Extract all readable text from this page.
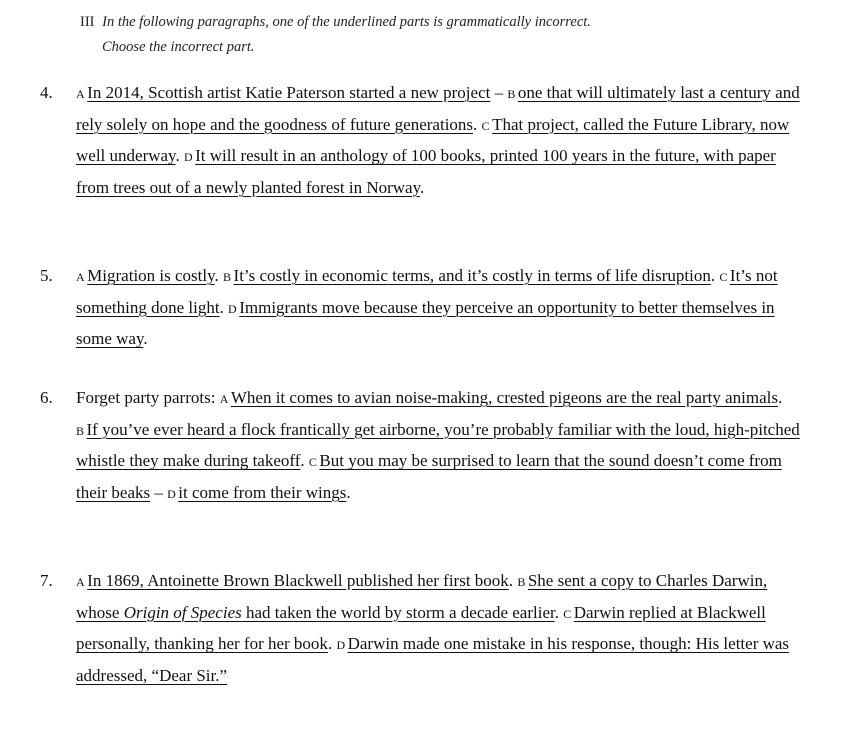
III In the following paragraphs, one of the underlined parts is grammatically incorrect.
Choose the incorrect part.
4.	A In 2014, Scottish artist Katie Paterson started a new project – B one that will ultimately last a century and rely solely on hope and the goodness of future generations. C That project, called the Future Library, now well underway. D It will result in an anthology of 100 books, printed 100 years in the future, with paper from trees out of a newly planted forest in Norway.
5.	A Migration is costly. B It’s costly in economic terms, and it’s costly in terms of life disruption. C It’s not something done light. D Immigrants move because they perceive an opportunity to better themselves in some way.
6.	Forget party parrots: A When it comes to avian noise-making, crested pigeons are the real party animals. B If you’ve ever heard a flock frantically get airborne, you’re probably familiar with the loud, high-pitched whistle they make during takeoff. C But you may be surprised to learn that the sound doesn’t come from their beaks – D it come from their wings.
7.	A In 1869, Antoinette Brown Blackwell published her first book. B She sent a copy to Charles Darwin, whose Origin of Species had taken the world by storm a decade earlier. C Darwin replied at Blackwell personally, thanking her for her book. D Darwin made one mistake in his response, though: His letter was addressed, “Dear Sir.”
